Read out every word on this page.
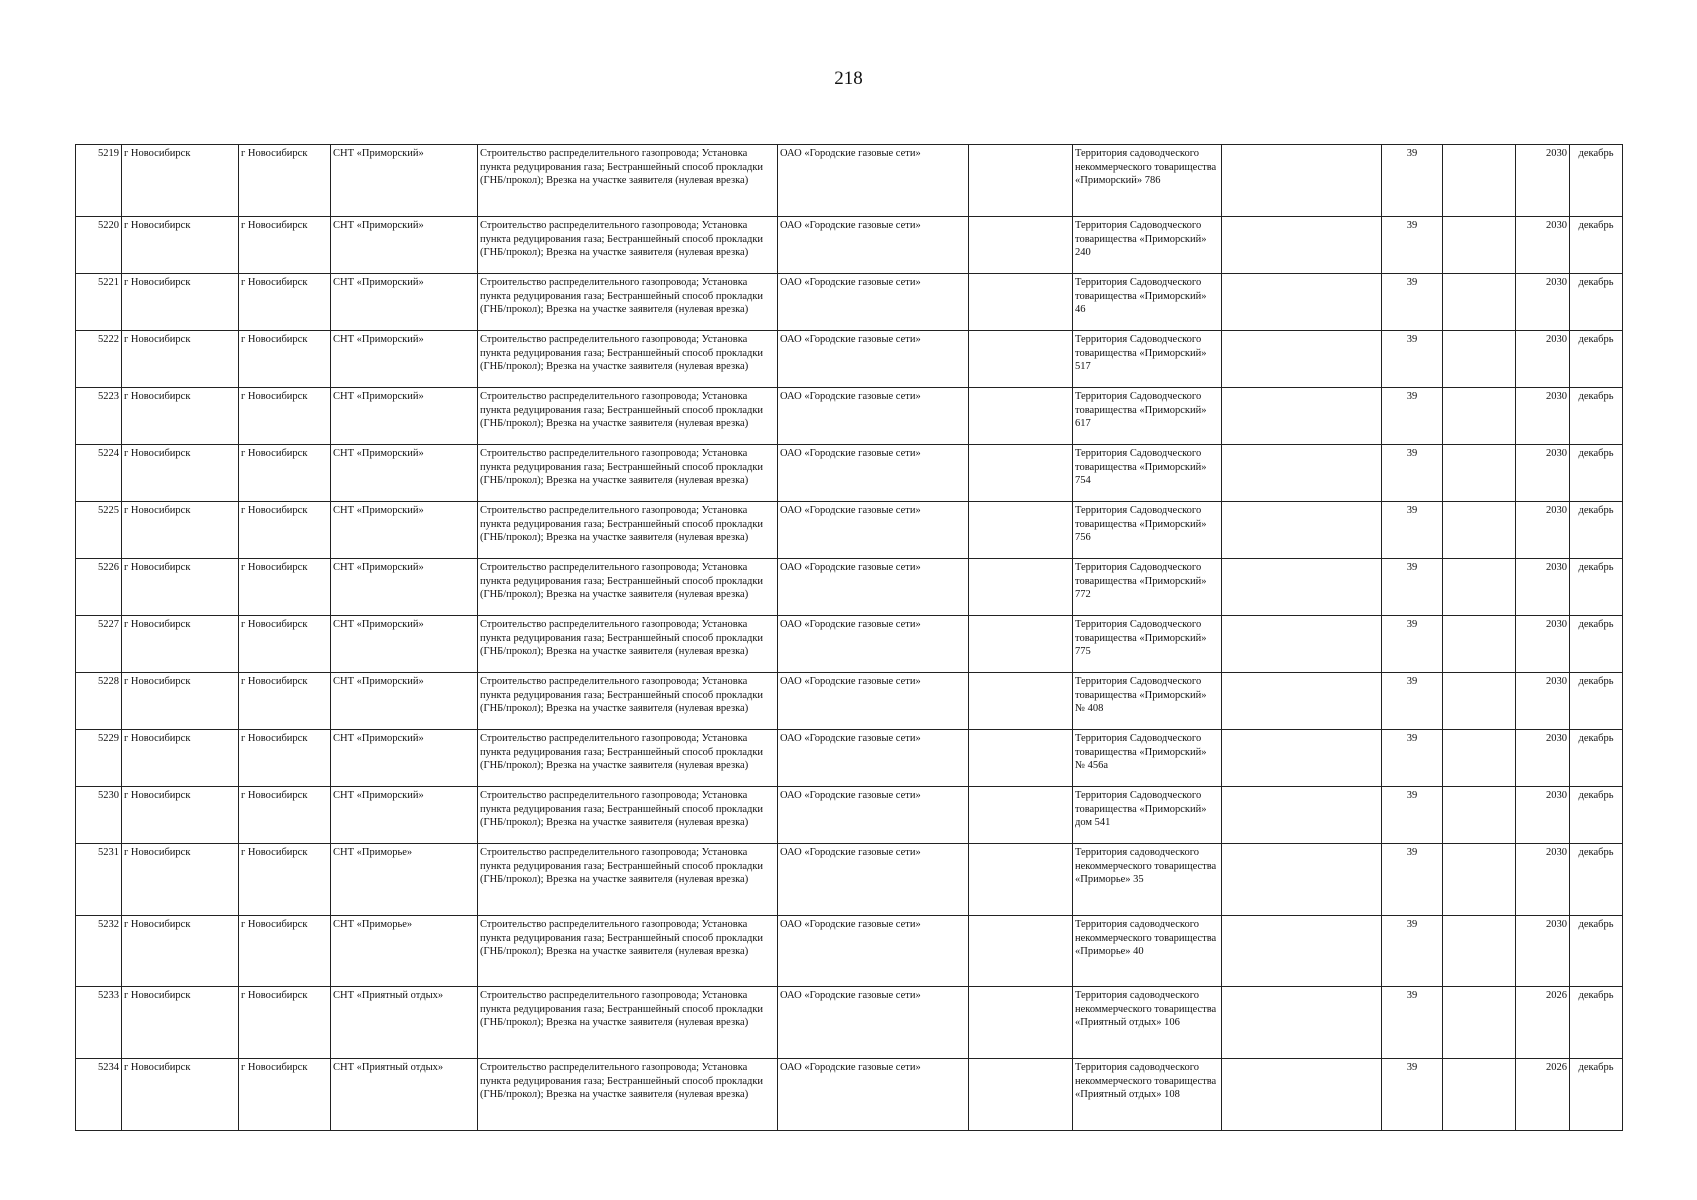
218
5219	г Новосибирск	г Новосибирск	СНТ «Приморский»	Строительство распределительного газопровода; Установка пункта редуцирования газа; Бестраншейный способ прокладки (ГНБ/прокол); Врезка на участке заявителя (нулевая врезка)	ОАО «Городские газовые сети»		Территория садоводческого некоммерческого товарищества «Приморский» 786		39		2030	декабрь
5220	г Новосибирск	г Новосибирск	СНТ «Приморский»	Строительство распределительного газопровода; Установка пункта редуцирования газа; Бестраншейный способ прокладки (ГНБ/прокол); Врезка на участке заявителя (нулевая врезка)	ОАО «Городские газовые сети»		Территория Садоводческого товарищества «Приморский» 240		39		2030	декабрь
5221	г Новосибирск	г Новосибирск	СНТ «Приморский»	Строительство распределительного газопровода; Установка пункта редуцирования газа; Бестраншейный способ прокладки (ГНБ/прокол); Врезка на участке заявителя (нулевая врезка)	ОАО «Городские газовые сети»		Территория Садоводческого товарищества «Приморский» 46		39		2030	декабрь
5222	г Новосибирск	г Новосибирск	СНТ «Приморский»	Строительство распределительного газопровода; Установка пункта редуцирования газа; Бестраншейный способ прокладки (ГНБ/прокол); Врезка на участке заявителя (нулевая врезка)	ОАО «Городские газовые сети»		Территория Садоводческого товарищества «Приморский» 517		39		2030	декабрь
5223	г Новосибирск	г Новосибирск	СНТ «Приморский»	Строительство распределительного газопровода; Установка пункта редуцирования газа; Бестраншейный способ прокладки (ГНБ/прокол); Врезка на участке заявителя (нулевая врезка)	ОАО «Городские газовые сети»		Территория Садоводческого товарищества «Приморский» 617		39		2030	декабрь
5224	г Новосибирск	г Новосибирск	СНТ «Приморский»	Строительство распределительного газопровода; Установка пункта редуцирования газа; Бестраншейный способ прокладки (ГНБ/прокол); Врезка на участке заявителя (нулевая врезка)	ОАО «Городские газовые сети»		Территория Садоводческого товарищества «Приморский» 754		39		2030	декабрь
5225	г Новосибирск	г Новосибирск	СНТ «Приморский»	Строительство распределительного газопровода; Установка пункта редуцирования газа; Бестраншейный способ прокладки (ГНБ/прокол); Врезка на участке заявителя (нулевая врезка)	ОАО «Городские газовые сети»		Территория Садоводческого товарищества «Приморский» 756		39		2030	декабрь
5226	г Новосибирск	г Новосибирск	СНТ «Приморский»	Строительство распределительного газопровода; Установка пункта редуцирования газа; Бестраншейный способ прокладки (ГНБ/прокол); Врезка на участке заявителя (нулевая врезка)	ОАО «Городские газовые сети»		Территория Садоводческого товарищества «Приморский» 772		39		2030	декабрь
5227	г Новосибирск	г Новосибирск	СНТ «Приморский»	Строительство распределительного газопровода; Установка пункта редуцирования газа; Бестраншейный способ прокладки (ГНБ/прокол); Врезка на участке заявителя (нулевая врезка)	ОАО «Городские газовые сети»		Территория Садоводческого товарищества «Приморский» 775		39		2030	декабрь
5228	г Новосибирск	г Новосибирск	СНТ «Приморский»	Строительство распределительного газопровода; Установка пункта редуцирования газа; Бестраншейный способ прокладки (ГНБ/прокол); Врезка на участке заявителя (нулевая врезка)	ОАО «Городские газовые сети»		Территория Садоводческого товарищества «Приморский» № 408		39		2030	декабрь
5229	г Новосибирск	г Новосибирск	СНТ «Приморский»	Строительство распределительного газопровода; Установка пункта редуцирования газа; Бестраншейный способ прокладки (ГНБ/прокол); Врезка на участке заявителя (нулевая врезка)	ОАО «Городские газовые сети»		Территория Садоводческого товарищества «Приморский» № 456а		39		2030	декабрь
5230	г Новосибирск	г Новосибирск	СНТ «Приморский»	Строительство распределительного газопровода; Установка пункта редуцирования газа; Бестраншейный способ прокладки (ГНБ/прокол); Врезка на участке заявителя (нулевая врезка)	ОАО «Городские газовые сети»		Территория Садоводческого товарищества «Приморский» дом 541		39		2030	декабрь
5231	г Новосибирск	г Новосибирск	СНТ «Приморье»	Строительство распределительного газопровода; Установка пункта редуцирования газа; Бестраншейный способ прокладки (ГНБ/прокол); Врезка на участке заявителя (нулевая врезка)	ОАО «Городские газовые сети»		Территория садоводческого некоммерческого товарищества «Приморье» 35		39		2030	декабрь
5232	г Новосибирск	г Новосибирск	СНТ «Приморье»	Строительство распределительного газопровода; Установка пункта редуцирования газа; Бестраншейный способ прокладки (ГНБ/прокол); Врезка на участке заявителя (нулевая врезка)	ОАО «Городские газовые сети»		Территория садоводческого некоммерческого товарищества «Приморье» 40		39		2030	декабрь
5233	г Новосибирск	г Новосибирск	СНТ «Приятный отдых»	Строительство распределительного газопровода; Установка пункта редуцирования газа; Бестраншейный способ прокладки (ГНБ/прокол); Врезка на участке заявителя (нулевая врезка)	ОАО «Городские газовые сети»		Территория садоводческого некоммерческого товарищества «Приятный отдых» 106		39		2026	декабрь
5234	г Новосибирск	г Новосибирск	СНТ «Приятный отдых»	Строительство распределительного газопровода; Установка пункта редуцирования газа; Бестраншейный способ прокладки (ГНБ/прокол); Врезка на участке заявителя (нулевая врезка)	ОАО «Городские газовые сети»		Территория садоводческого некоммерческого товарищества «Приятный отдых» 108		39		2026	декабрь
